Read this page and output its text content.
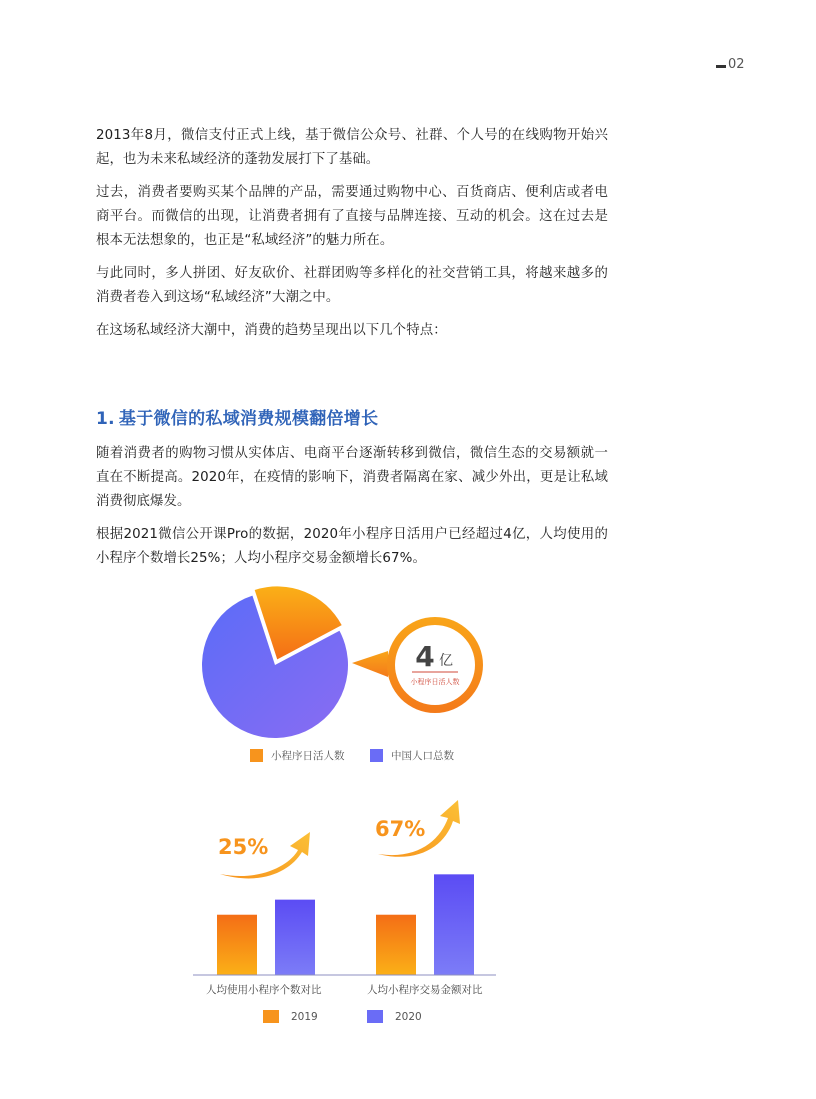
02

2013年8月，微信支付正式上线，基于微信公众号、社群、个人号的在线购物开始兴起，也为未来私域经济的蓬勃发展打下了基础。

过去，消费者要购买某个品牌的产品，需要通过购物中心、百货商店、便利店或者电商平台。而微信的出现，让消费者拥有了直接与品牌连接、互动的机会。这在过去是根本无法想象的，也正是“私域经济”的魅力所在。

与此同时，多人拼团、好友砍价、社群团购等多样化的社交营销工具，将越来越多的消费者卷入到这场“私域经济”大潮之中。

在这场私域经济大潮中，消费的趋势呈现出以下几个特点：

1. 基于微信的私域消费规模翻倍增长

随着消费者的购物习惯从实体店、电商平台逐渐转移到微信，微信生态的交易额就一直在不断提高。2020年，在疫情的影响下，消费者隔离在家、减少外出，更是让私域消费彻底爆发。

根据2021微信公开课Pro的数据，2020年小程序日活用户已经超过4亿，人均使用的小程序个数增长25%；人均小程序交易金额增长67%。

4 亿
小程序日活人数
小程序日活人数	中国人口总数
25%
67%
人均使用小程序个数对比	人均小程序交易金额对比
2019	2020
